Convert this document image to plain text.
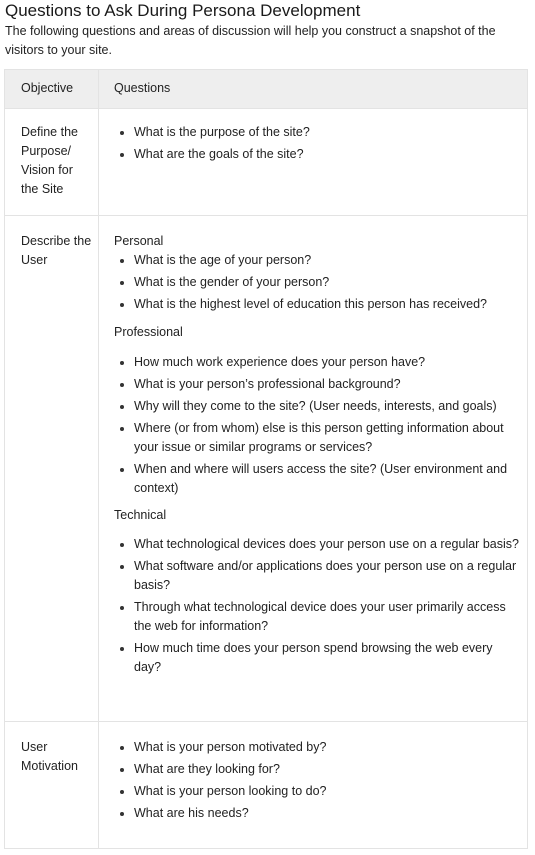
Questions to Ask During Persona Development
The following questions and areas of discussion will help you construct a snapshot of the visitors to your site.
Objective	Questions
Define the Purpose/ Vision for the Site
What is the purpose of the site?
What are the goals of the site?
Describe the User
Personal
What is the age of your person?
What is the gender of your person?
What is the highest level of education this person has received?
Professional
How much work experience does your person have?
What is your person’s professional background?
Why will they come to the site? (User needs, interests, and goals)
Where (or from whom) else is this person getting information about your issue or similar programs or services?
When and where will users access the site? (User environment and context)
Technical
What technological devices does your person use on a regular basis?
What software and/or applications does your person use on a regular basis?
Through what technological device does your user primarily access the web for information?
How much time does your person spend browsing the web every day?
User Motivation
What is your person motivated by?
What are they looking for?
What is your person looking to do?
What are his needs?
